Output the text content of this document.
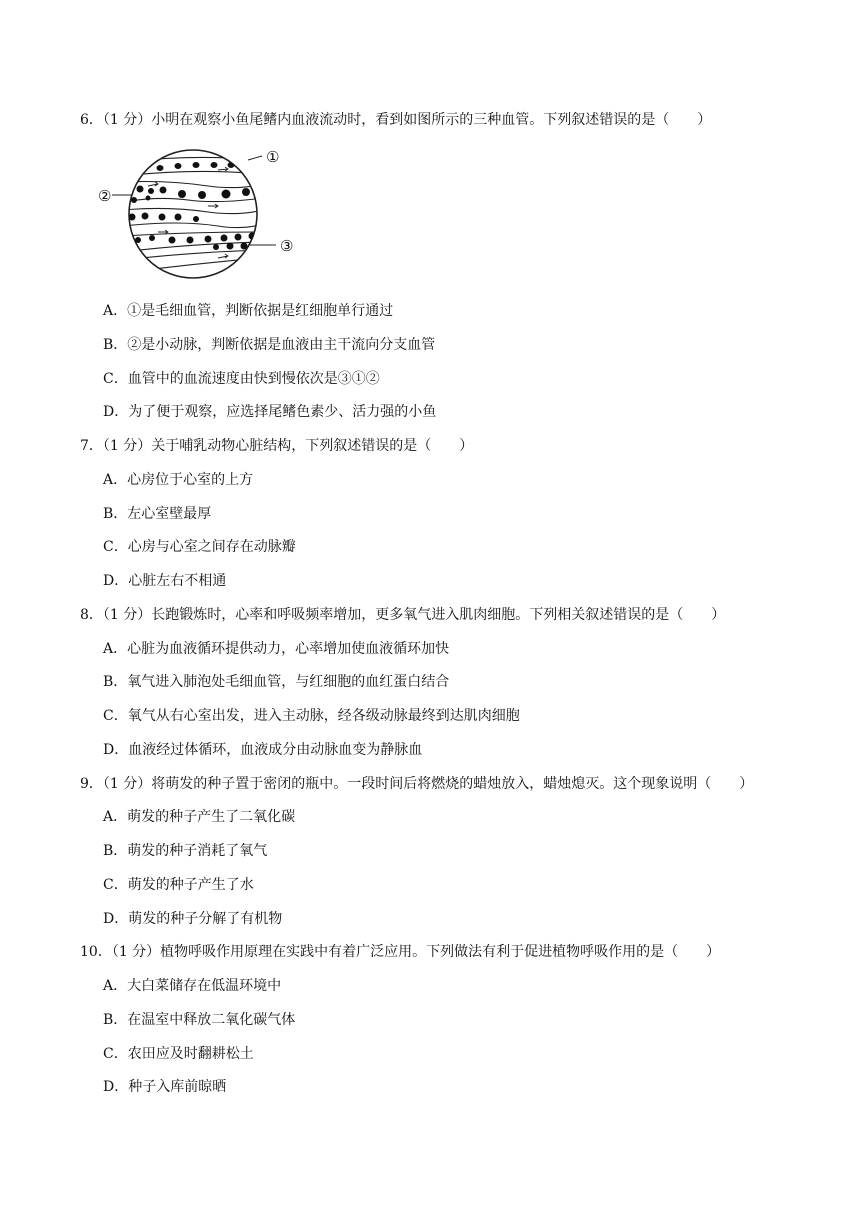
6．（1 分）小明在观察小鱼尾鳍内血液流动时，看到如图所示的三种血管。下列叙述错误的是（　　）
①
②
③
A．①是毛细血管，判断依据是红细胞单行通过
B．②是小动脉，判断依据是血液由主干流向分支血管
C．血管中的血流速度由快到慢依次是③①②
D．为了便于观察，应选择尾鳍色素少、活力强的小鱼
7．（1 分）关于哺乳动物心脏结构，下列叙述错误的是（　　）
A．心房位于心室的上方
B．左心室壁最厚
C．心房与心室之间存在动脉瓣
D．心脏左右不相通
8．（1 分）长跑锻炼时，心率和呼吸频率增加，更多氧气进入肌肉细胞。下列相关叙述错误的是（　　）
A．心脏为血液循环提供动力，心率增加使血液循环加快
B．氧气进入肺泡处毛细血管，与红细胞的血红蛋白结合
C．氧气从右心室出发，进入主动脉，经各级动脉最终到达肌肉细胞
D．血液经过体循环，血液成分由动脉血变为静脉血
9．（1 分）将萌发的种子置于密闭的瓶中。一段时间后将燃烧的蜡烛放入，蜡烛熄灭。这个现象说明（　　）
A．萌发的种子产生了二氧化碳
B．萌发的种子消耗了氧气
C．萌发的种子产生了水
D．萌发的种子分解了有机物
10．（1 分）植物呼吸作用原理在实践中有着广泛应用。下列做法有利于促进植物呼吸作用的是（　　）
A．大白菜储存在低温环境中
B．在温室中释放二氧化碳气体
C．农田应及时翻耕松土
D．种子入库前晾晒
